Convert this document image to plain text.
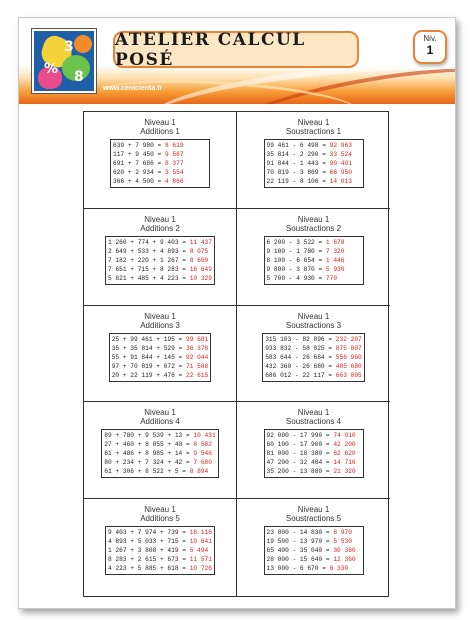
3
% 8
www.cenicienta.fr
ATELIER CALCUL POSÉ
Niv.
1
Niveau 1
Additions 1
639 + 7 980 = 8 619
117 + 9 450 = 9 567
691 + 7 686 = 8 377
620 + 2 934 = 3 554
366 + 4 500 = 4 866
Niveau 1
Soustractions 1
99 461 - 6 498 = 92 963
35 814 - 2 290 = 33 524
91 844 - 1 443 = 90 401
70 819 - 3 869 = 66 950
22 119 - 8 106 = 14 013
Niveau 1
Additions 2
1 260 + 774 + 9 403 = 11 437
2 649 + 533 + 4 893 = 8 075
7 182 + 220 + 1 267 = 8 669
7 651 + 715 + 8 283 = 16 649
5 621 + 485 + 4 223 = 10 329
Niveau 1
Soustractions 2
6 200 - 3 522 = 1 678
9 100 - 1 780 = 7 320
8 100 - 6 654 = 1 446
9 800 - 3 870 = 5 930
5 700 - 4 930 = 770
Niveau 1
Additions 3
25 + 99 461 + 195 = 99 681
35 + 35 814 + 529 = 36 378
55 + 91 844 + 145 = 92 044
97 + 70 819 + 672 = 71 588
20 + 22 119 + 476 = 22 615
Niveau 1
Soustractions 3
315 103 - 82 896 = 232 207
933 832 - 58 025 = 875 807
583 644 - 26 684 = 556 960
432 360 - 26 680 = 405 680
686 012 - 22 117 = 663 895
Niveau 1
Additions 4
89 + 780 + 9 539 + 13 = 10 431
27 + 460 + 8 055 + 40 = 8 582
61 + 486 + 8 985 + 14 = 9 546
80 + 234 + 7 324 + 42 = 7 680
61 + 306 + 8 522 + 5 = 8 894
Niveau 1
Soustractions 4
92 000 - 17 990 = 74 010
60 100 - 17 900 = 42 200
81 000 - 18 380 = 62 620
47 200 - 32 484 = 14 716
35 200 - 13 880 = 21 320
Niveau 1
Additions 5
9 403 + 7 974 + 739 = 18 116
4 893 + 5 033 + 715 = 10 641
1 267 + 3 808 + 419 = 5 494
8 283 + 2 615 + 673 = 11 571
4 223 + 5 885 + 618 = 10 726
Niveau 1
Soustractions 5
23 800 - 14 830 = 8 970
19 500 - 13 970 = 5 530
65 400 - 35 040 = 30 360
28 000 - 15 640 = 12 360
13 000 - 6 670 = 6 330
